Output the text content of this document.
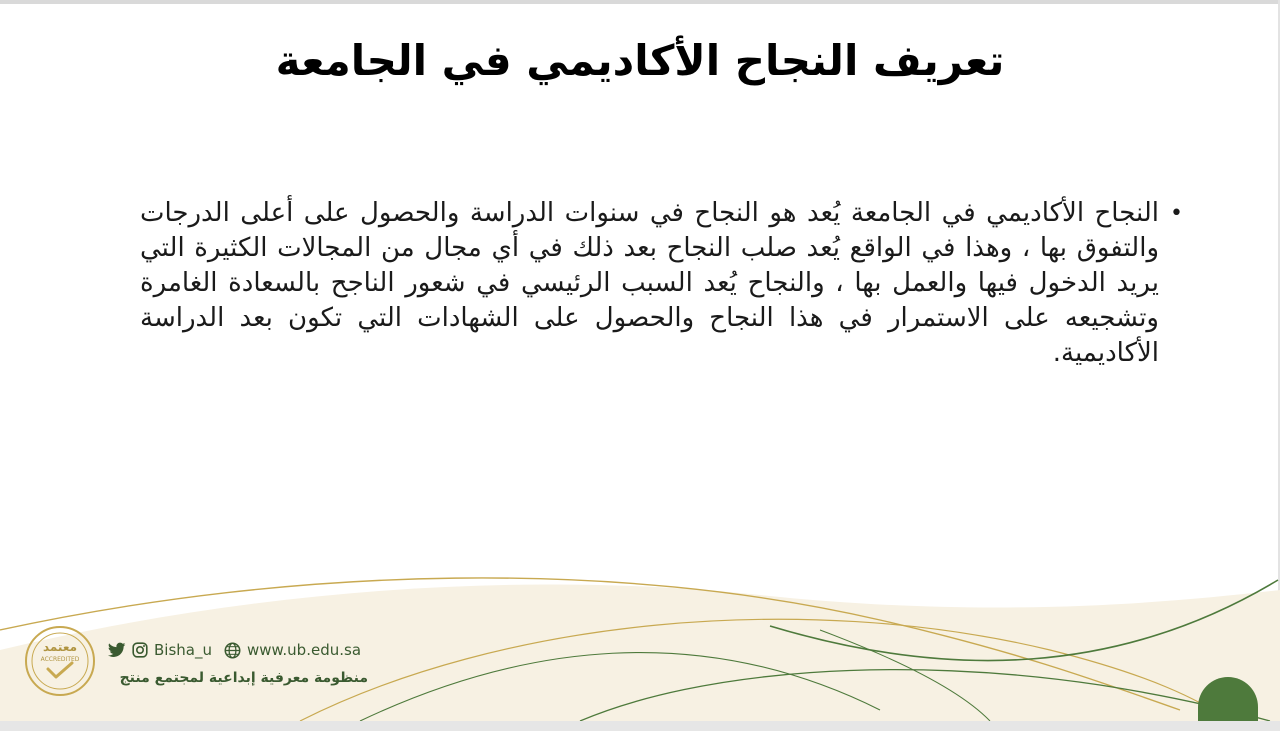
تعريف النجاح الأكاديمي في الجامعة
•
النجاح الأكاديمي في الجامعة يُعد هو النجاح في سنوات الدراسة والحصول على أعلى الدرجات والتفوق بها ، وهذا في الواقع يُعد صلب النجاح بعد ذلك في أي مجال من المجالات الكثيرة التي يريد الدخول فيها والعمل بها ، والنجاح يُعد السبب الرئيسي في شعور الناجح بالسعادة الغامرة وتشجيعه على الاستمرار في هذا النجاح والحصول على الشهادات التي تكون بعد الدراسة الأكاديمية.
معتمد
ACCREDITED
Bisha_u www.ub.edu.sa
منظومة معرفية إبداعية لمجتمع منتج
